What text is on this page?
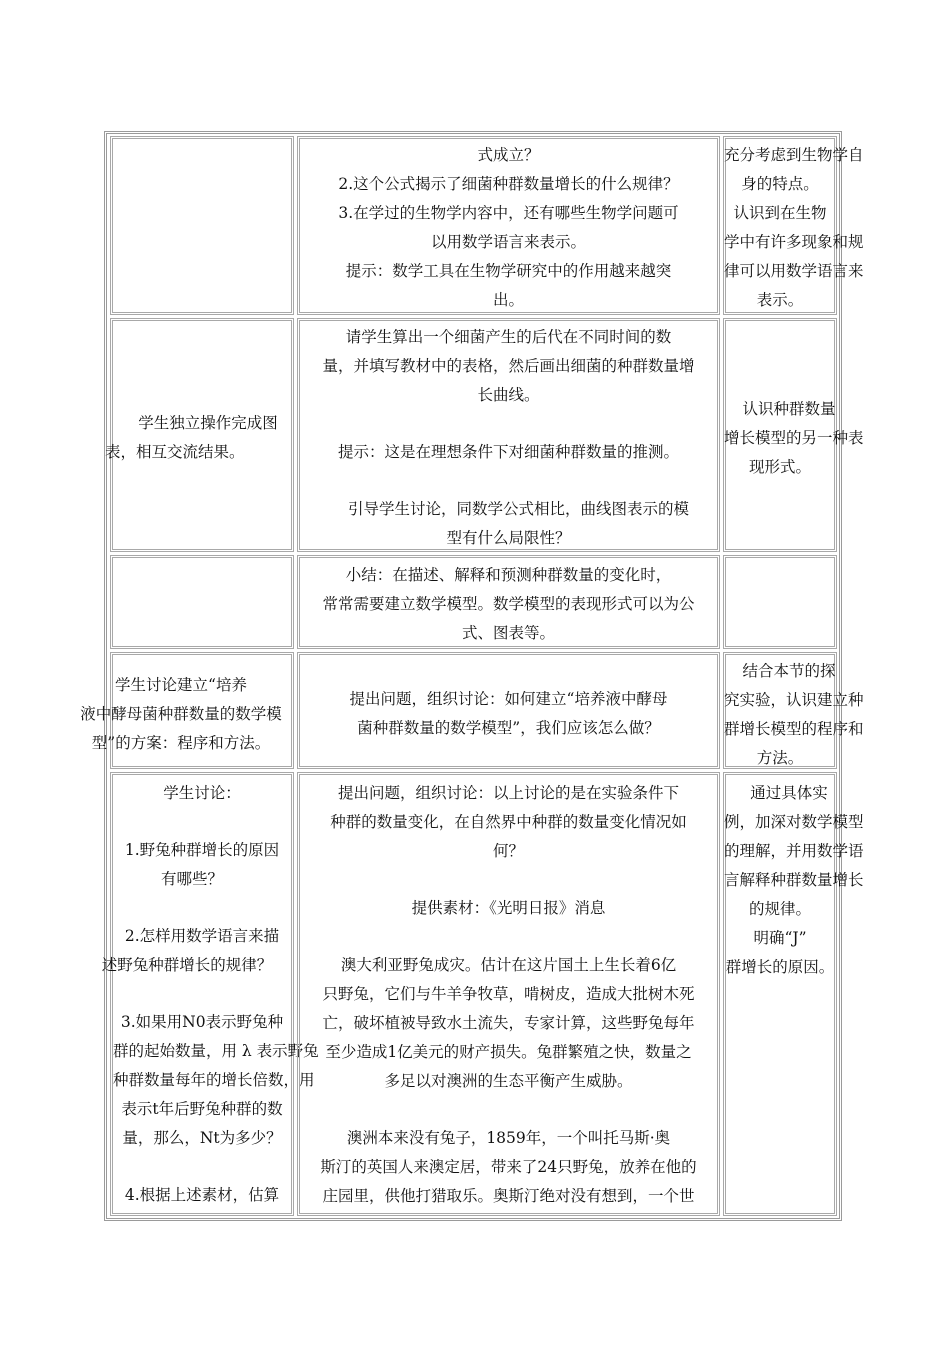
式成立？
2.这个公式揭示了细菌种群数量增长的什么规律？
3.在学过的生物学内容中，还有哪些生物学问题可
以用数学语言来表示。
提示：数学工具在生物学研究中的作用越来越突
出。
充分考虑到生物学自
身的特点。
认识到在生物
学中有许多现象和规
律可以用数学语言来
表示。
学生独立操作完成图
表，相互交流结果。
请学生算出一个细菌产生的后代在不同时间的数
量，并填写教材中的表格，然后画出细菌的种群数量增
长曲线。
提示：这是在理想条件下对细菌种群数量的推测。
引导学生讨论，同数学公式相比，曲线图表示的模
型有什么局限性？
认识种群数量
增长模型的另一种表
现形式。
小结：在描述、解释和预测种群数量的变化时，
常常需要建立数学模型。数学模型的表现形式可以为公
式、图表等。
学生讨论建立“培养
液中酵母菌种群数量的数学模
型”的方案：程序和方法。
提出问题，组织讨论：如何建立“培养液中酵母
菌种群数量的数学模型”，我们应该怎么做？
结合本节的探
究实验，认识建立种
群增长模型的程序和
方法。
学生讨论：
1.野兔种群增长的原因
有哪些？
2.怎样用数学语言来描
述野兔种群增长的规律？
3.如果用N0表示野兔种
群的起始数量，用 λ 表示野兔
种群数量每年的增长倍数，用
表示t年后野兔种群的数
量，那么，Nt为多少？
4.根据上述素材，估算
提出问题，组织讨论：以上讨论的是在实验条件下
种群的数量变化，在自然界中种群的数量变化情况如
何？
提供素材：《光明日报》消息
澳大利亚野兔成灾。估计在这片国土上生长着6亿
只野兔，它们与牛羊争牧草，啃树皮，造成大批树木死
亡，破坏植被导致水土流失，专家计算，这些野兔每年
至少造成1亿美元的财产损失。兔群繁殖之快，数量之
多足以对澳洲的生态平衡产生威胁。
澳洲本来没有兔子，1859年，一个叫托马斯·奥
斯汀的英国人来澳定居，带来了24只野兔，放养在他的
庄园里，供他打猎取乐。奥斯汀绝对没有想到，一个世
通过具体实
例，加深对数学模型
的理解，并用数学语
言解释种群数量增长
的规律。
明确“J”
群增长的原因。
